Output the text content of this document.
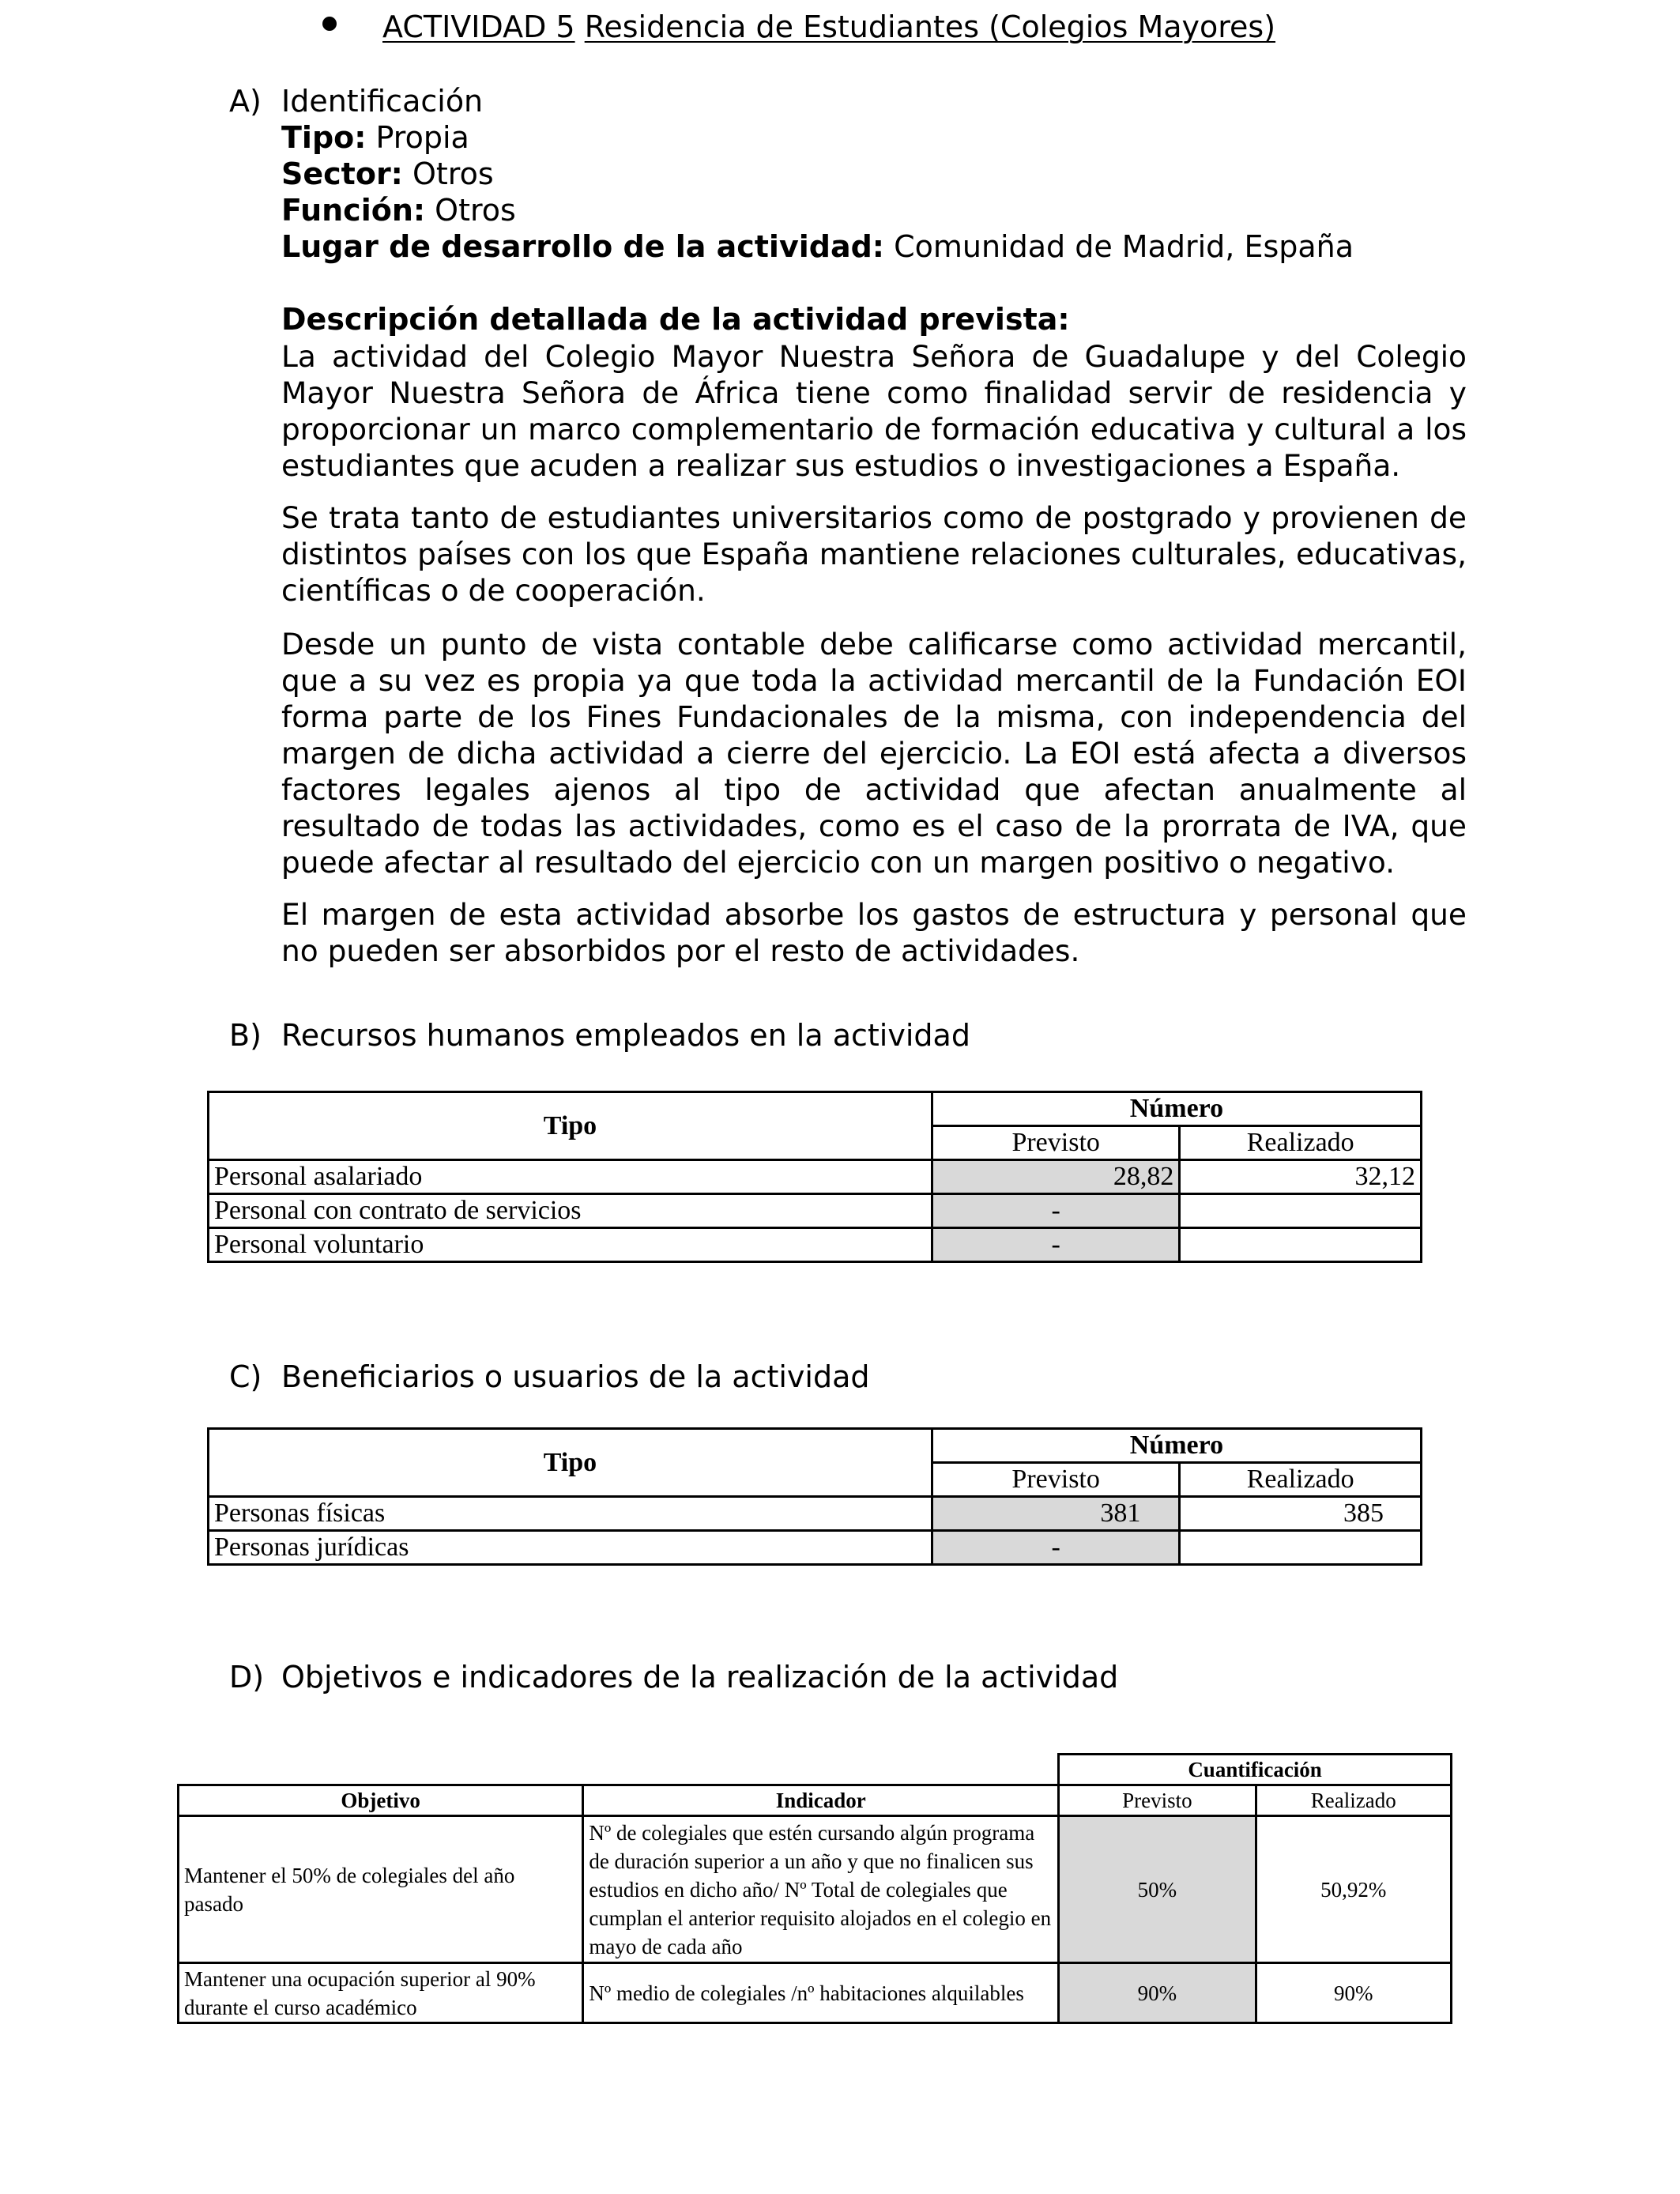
ACTIVIDAD 5 Residencia de Estudiantes (Colegios Mayores)
A) Identificación
Tipo: Propia
Sector: Otros
Función: Otros
Lugar de desarrollo de la actividad: Comunidad de Madrid, España
Descripción detallada de la actividad prevista:
La actividad del Colegio Mayor Nuestra Señora de Guadalupe y del Colegio Mayor Nuestra Señora de África tiene como finalidad servir de residencia y proporcionar un marco complementario de formación educativa y cultural a los estudiantes que acuden a realizar sus estudios o investigaciones a España.
Se trata tanto de estudiantes universitarios como de postgrado y provienen de distintos países con los que España mantiene relaciones culturales, educativas, científicas o de cooperación.
Desde un punto de vista contable debe calificarse como actividad mercantil, que a su vez es propia ya que toda la actividad mercantil de la Fundación EOI forma parte de los Fines Fundacionales de la misma, con independencia del margen de dicha actividad a cierre del ejercicio. La EOI está afecta a diversos factores legales ajenos al tipo de actividad que afectan anualmente al resultado de todas las actividades, como es el caso de la prorrata de IVA, que puede afectar al resultado del ejercicio con un margen positivo o negativo.
El margen de esta actividad absorbe los gastos de estructura y personal que no pueden ser absorbidos por el resto de actividades.
B) Recursos humanos empleados en la actividad
Tipo	Número	
	Previsto	Realizado
Personal asalariado	28,82	32,12
Personal con contrato de servicios	-	
Personal voluntario	-	
C) Beneficiarios o usuarios de la actividad
Tipo	Número	
	Previsto	Realizado
Personas físicas	381	385
Personas jurídicas	-	
D) Objetivos e indicadores de la realización de la actividad
		Cuantificación	
Objetivo	Indicador	Previsto	Realizado
Mantener el 50% de colegiales del año pasado	Nº de colegiales que estén cursando algún programa de duración superior a un año y que no finalicen sus estudios en dicho año/ Nº Total de colegiales que cumplan el anterior requisito alojados en el colegio en mayo de cada año	50%	50,92%
Mantener una ocupación superior al 90% durante el curso académico	Nº medio de colegiales /nº habitaciones alquilables	90%	90%
